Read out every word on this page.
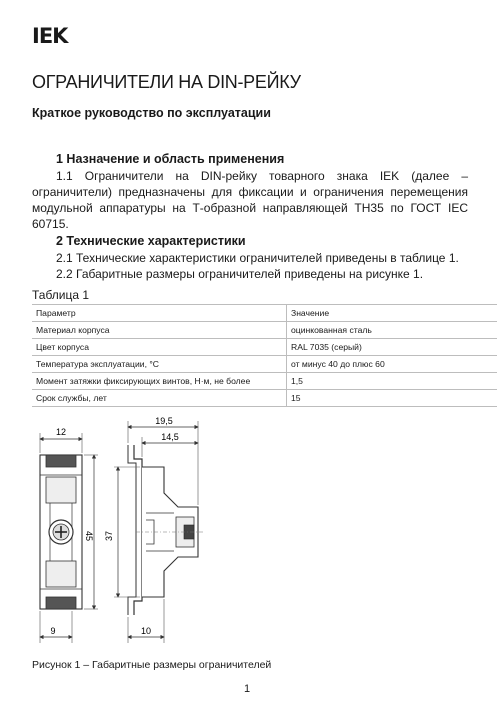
IEK
ОГРАНИЧИТЕЛИ НА DIN-РЕЙКУ
Краткое руководство по эксплуатации
1 Назначение и область применения
1.1 Ограничители на DIN-рейку товарного знака IEK (далее – ограничители) предназначены для фиксации и ограничения перемещения модульной аппаратуры на Т-образной направляющей ТН35 по ГОСТ IEC 60715.
2 Технические характеристики
2.1 Технические характеристики ограничителей приведены в таблице 1.
2.2 Габаритные размеры ограничителей приведены на рисунке 1.
Таблица 1
Параметр	Значение
Материал корпуса	оцинкованная сталь
Цвет корпуса	RAL 7035 (серый)
Температура эксплуатации, °С	от минус 40 до плюс 60
Момент затяжки фиксирующих винтов, Н·м, не более	1,5
Срок службы, лет	15
12
45
9
19,5
14,5
37
10
Рисунок 1 – Габаритные размеры ограничителей
1
